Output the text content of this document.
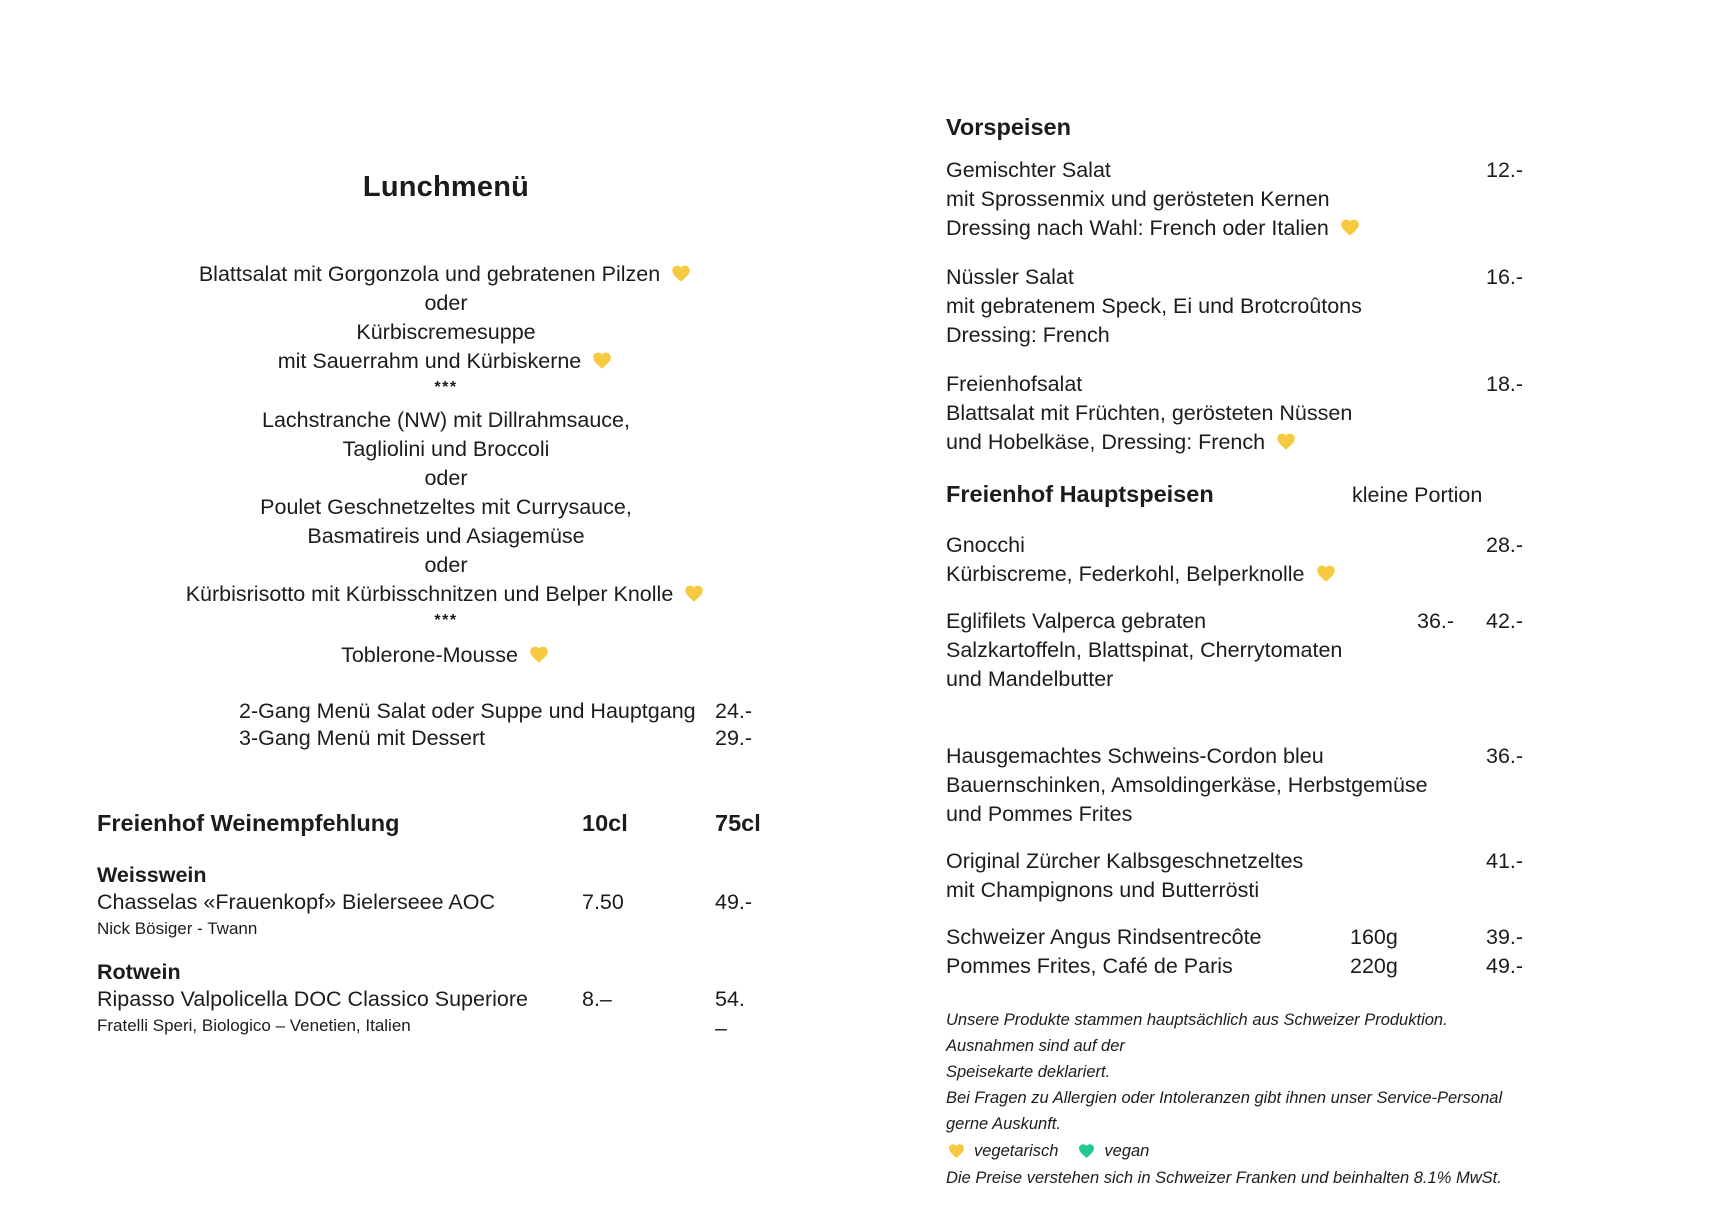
Lunchmenü
Blattsalat mit Gorgonzola und gebratenen Pilzen
oder
Kürbiscremesuppe
mit Sauerrahm und Kürbiskerne
***
Lachstranche (NW) mit Dillrahmsauce,
Tagliolini und Broccoli
oder
Poulet Geschnetzeltes mit Currysauce,
Basmatireis und Asiagemüse
oder
Kürbisrisotto mit Kürbisschnitzen und Belper Knolle
***
Toblerone-Mousse
2-Gang Menü Salat oder Suppe und Hauptgang 24.-
3-Gang Menü mit Dessert	29.-
Freienhof Weinempfehlung	10cl	75cl
Weisswein
Chasselas «Frauenkopf» Bielerseee AOC	7.50	49.-
Nick Bösiger - Twann
Rotwein
Ripasso Valpolicella DOC Classico Superiore	8.–	54. –
Fratelli Speri, Biologico – Venetien, Italien
Vorspeisen
Gemischter Salat	12.-
mit Sprossenmix und gerösteten Kernen
Dressing nach Wahl: French oder Italien
Nüssler Salat	16.-
mit gebratenem Speck, Ei und Brotcroûtons
Dressing: French
Freienhofsalat	18.-
Blattsalat mit Früchten, gerösteten Nüssen
und Hobelkäse, Dressing: French
Freienhof Hauptspeisen	kleine Portion
Gnocchi	28.-
Kürbiscreme, Federkohl, Belperknolle
Eglifilets Valperca gebraten	36.- 42.-
Salzkartoffeln, Blattspinat, Cherrytomaten
und Mandelbutter
Hausgemachtes Schweins-Cordon bleu	36.-
Bauernschinken, Amsoldingerkäse, Herbstgemüse
und Pommes Frites
Original Zürcher Kalbsgeschnetzeltes	41.-
mit Champignons und Butterrösti
Schweizer Angus Rindsentrecôte	160g	39.-
Pommes Frites, Café de Paris	220g	49.-
Unsere Produkte stammen hauptsächlich aus Schweizer Produktion. Ausnahmen sind auf der
Speisekarte deklariert.
Bei Fragen zu Allergien oder Intoleranzen gibt ihnen unser Service-Personal gerne Auskunft.
vegetarisch	vegan
Die Preise verstehen sich in Schweizer Franken und beinhalten 8.1% MwSt.
